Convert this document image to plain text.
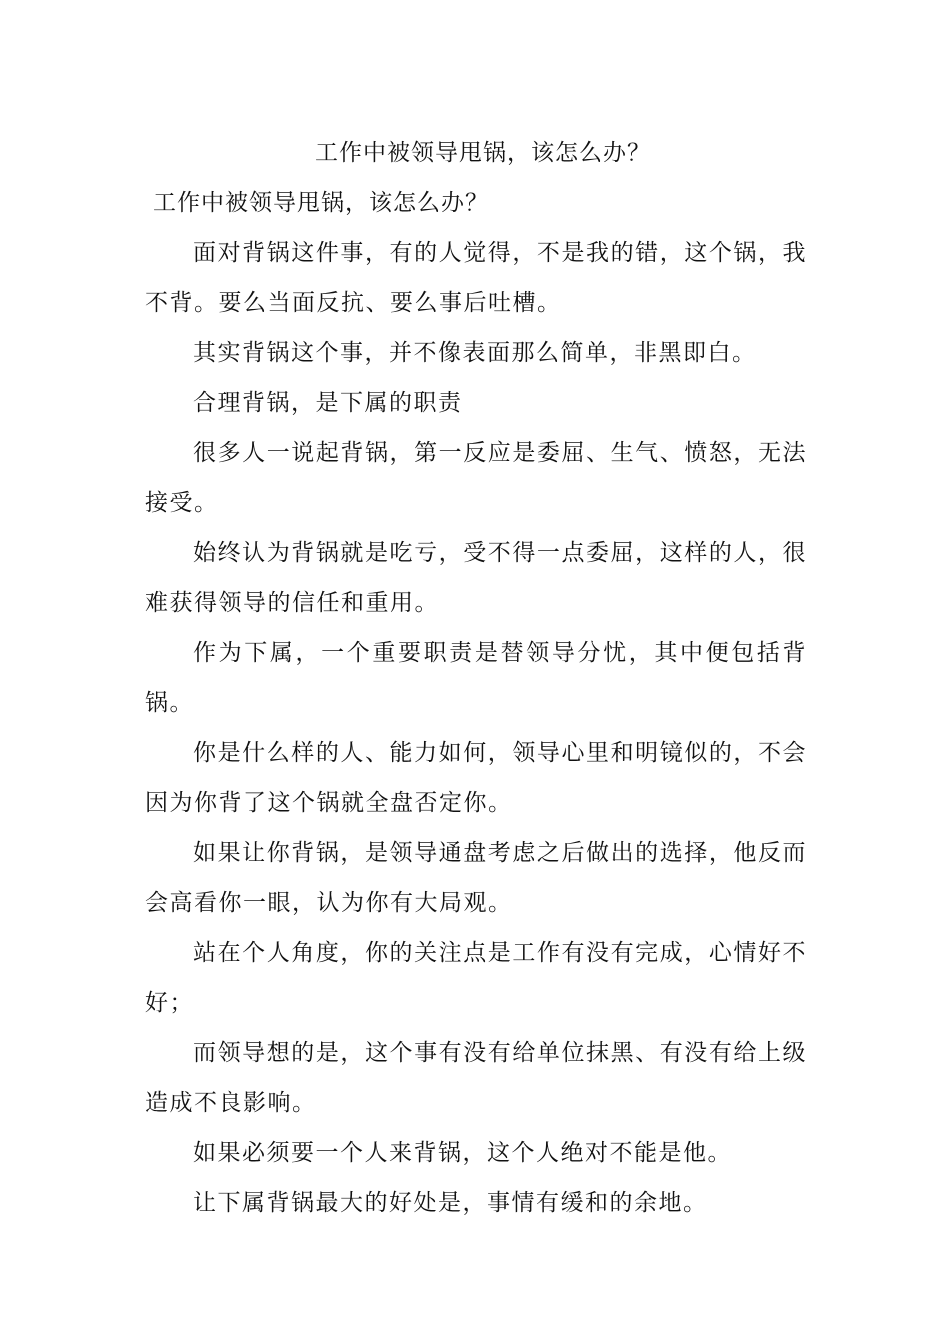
工作中被领导甩锅，该怎么办？

工作中被领导甩锅，该怎么办？

面对背锅这件事，有的人觉得，不是我的错，这个锅，我不背。要么当面反抗、要么事后吐槽。

其实背锅这个事，并不像表面那么简单，非黑即白。

合理背锅，是下属的职责

很多人一说起背锅，第一反应是委屈、生气、愤怒，无法接受。

始终认为背锅就是吃亏，受不得一点委屈，这样的人，很难获得领导的信任和重用。

作为下属，一个重要职责是替领导分忧，其中便包括背锅。

你是什么样的人、能力如何，领导心里和明镜似的，不会因为你背了这个锅就全盘否定你。

如果让你背锅，是领导通盘考虑之后做出的选择，他反而会高看你一眼，认为你有大局观。

站在个人角度，你的关注点是工作有没有完成，心情好不好；

而领导想的是，这个事有没有给单位抹黑、有没有给上级造成不良影响。

如果必须要一个人来背锅，这个人绝对不能是他。

让下属背锅最大的好处是，事情有缓和的余地。
